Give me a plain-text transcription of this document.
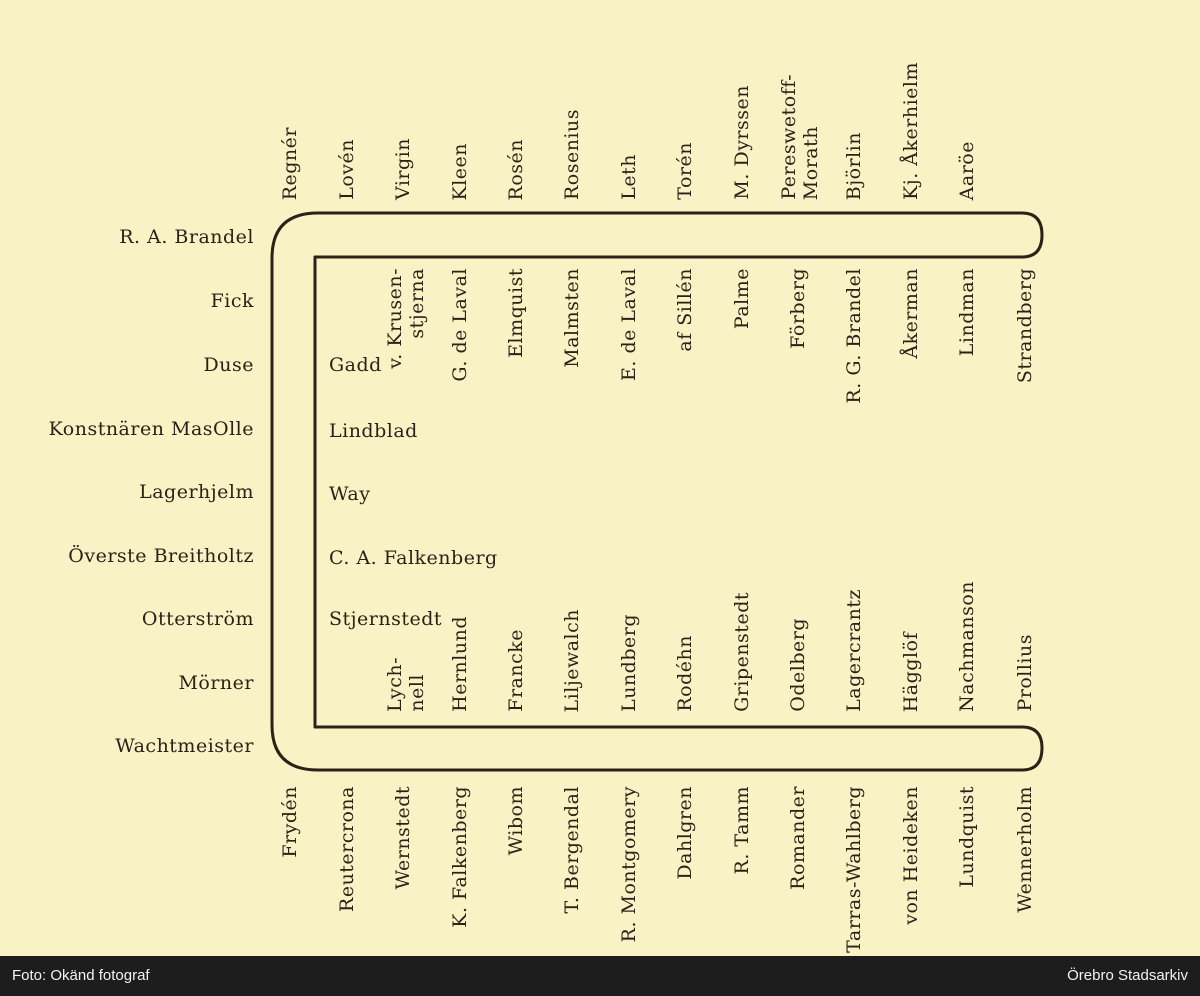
R. A. Brandel
Fick
Duse
Konstnären MasOlle
Lagerhjelm
Överste Breitholtz
Otterström
Mörner
Wachtmeister
Regnér Lovén Virgin Kleen Rosén Rosenius Leth Torén M. Dyrssen Pereswetoff- Morath Björlin Kj. Åkerhielm Aaröe
v. Krusen- stjerna G. de Laval Elmquist Malmsten E. de Laval af Sillén Palme Förberg R. G. Brandel Åkerman Lindman Strandberg
Gadd
Lindblad
Way
C. A. Falkenberg
Stjernstedt
Lych- nell Hernlund Francke Liljewalch Lundberg Rodéhn Gripenstedt Odelberg Lagercrantz Hägglöf Nachmanson Prollius
Frydén Reutercrona Wernstedt K. Falkenberg Wibom T. Bergendal R. Montgomery Dahlgren R. Tamm Romander Tarras-Wahlberg von Heideken Lundquist Wennerholm
Foto: Okänd fotograf	Örebro Stadsarkiv
